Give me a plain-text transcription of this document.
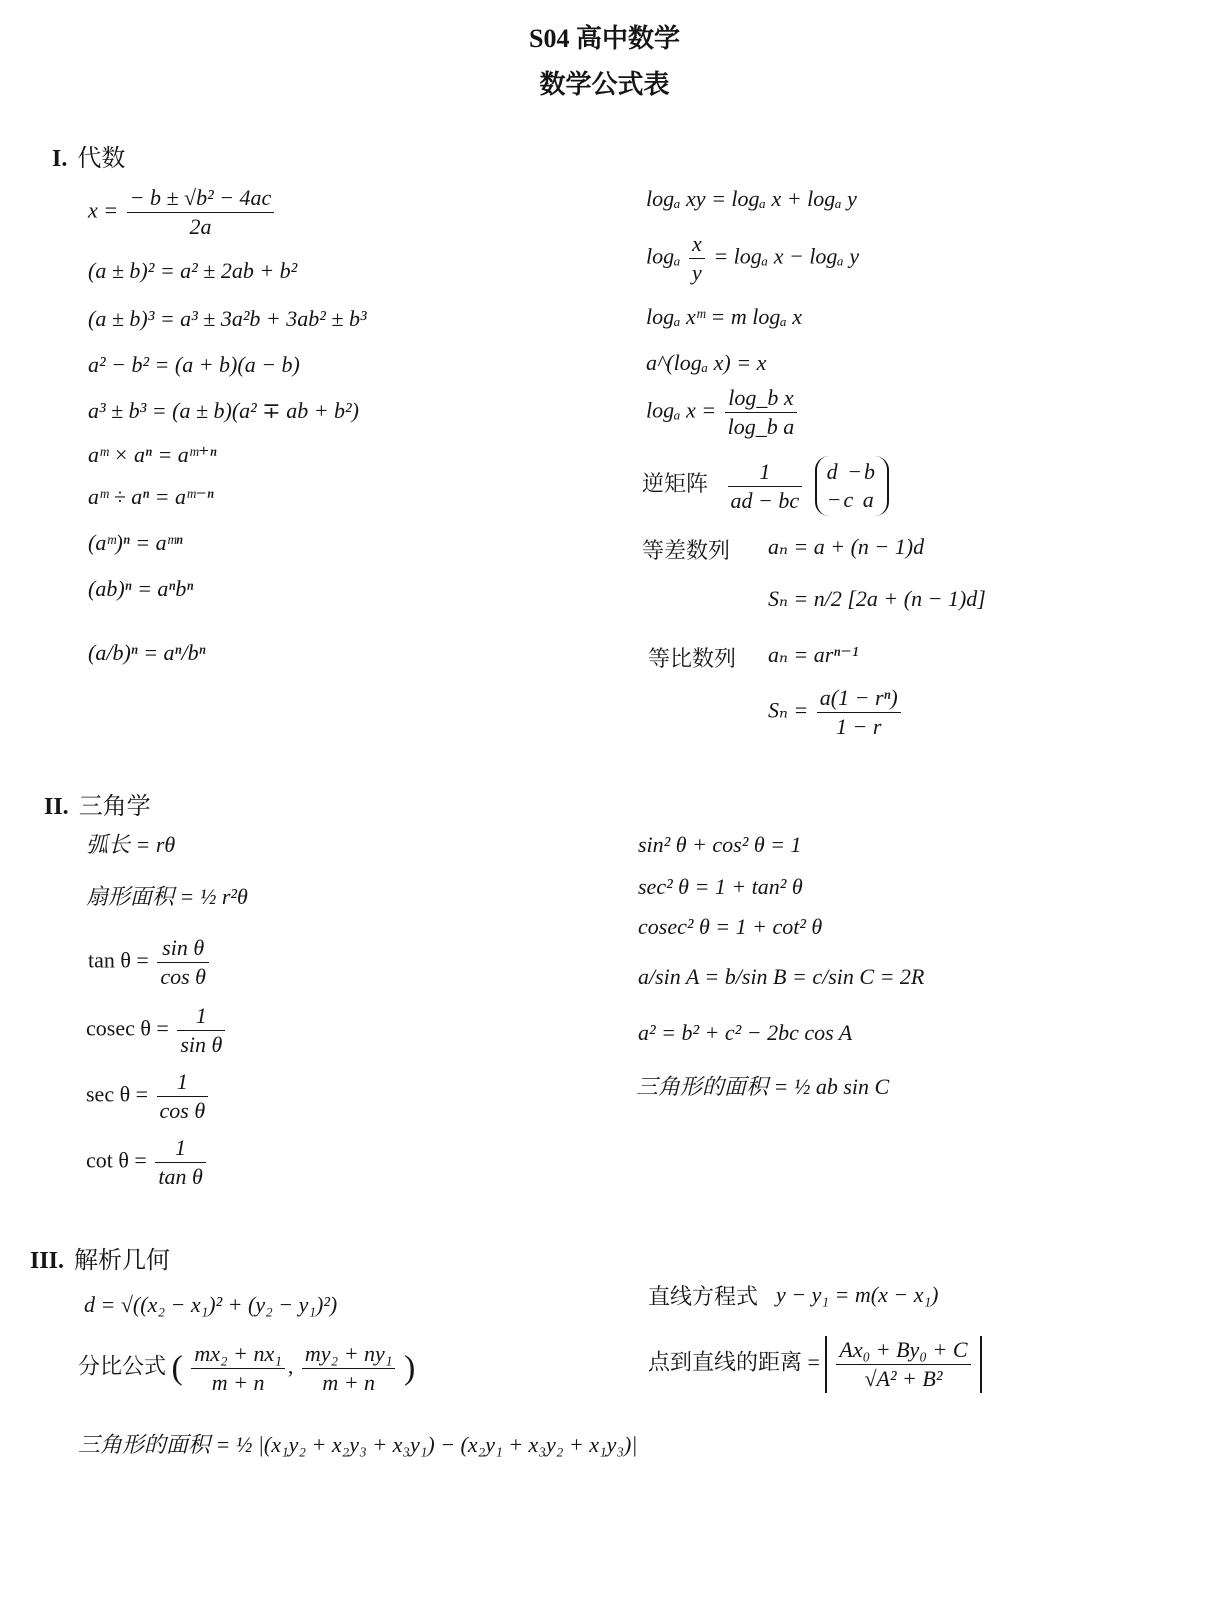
S04 高中数学
数学公式表
I. 代数
$x = \frac{\text{− b ± √b² − 4ac}}{2a}$
(a ± b)² = a² ± 2ab + b²
(a ± b)³ = a³ ± 3a²b + 3ab² ± b³
a² − b² = (a + b)(a − b)
a³ ± b³ = (a ± b)(a² ∓ ab + b²)
aᵐ × aⁿ = aᵐ⁺ⁿ
aᵐ ÷ aⁿ = aᵐ⁻ⁿ
(aᵐ)ⁿ = aᵐⁿ
(ab)ⁿ = aⁿbⁿ
(a/b)ⁿ = aⁿ/bⁿ
logₐ xy = logₐ x + logₐ y
logₐ $\frac{x}{y} = \log_a$ x − logₐ y
logₐ xᵐ = m logₐ x
a^(logₐ x) = x
logₐ $x = \frac{\text{log\_b x}}{\text{log\_b a}}$
逆矩阵 $\frac{1}{ad - bc}$
d −b
−c a
等差数列 aₙ = a + (n − 1)d
Sₙ = n/2 [2a + (n − 1)d]
等比数列 aₙ = arⁿ⁻¹
$S_n = \frac{\text{a(1 − rⁿ)}}{1 - r}$
II. 三角学
弧长 = rθ
扇形面积 = ½ r²θ
$\tan \theta = \frac{\text{sin θ}}{\text{cos θ}}$
cosec $\theta = \frac{1}{\text{sin θ}}$
$\sec \theta = \frac{1}{\text{cos θ}}$
$\cot \theta = \frac{1}{\text{tan θ}}$
sin² θ + cos² θ = 1
sec² θ = 1 + tan² θ
cosec² θ = 1 + cot² θ
a/sin A = b/sin B = c/sin C = 2R
a² = b² + c² − 2bc cos A
三角形的面积 = ½ ab sin C
III. 解析几何
d = √((x₂ − x₁)² + (y₂ − y₁)²)
分比公式 ( $\frac{\text{mx₂ + nx₁}}{m + n}$ , $\frac{\text{my₂ + ny₁}}{m + n}$ )
直线方程式 y − y₁ = m(x − x₁)
点到直线的距离 = $\frac{\text{Ax₀ + By₀ + C}}{\text{√A² + B²}}$
三角形的面积 = ½ |(x₁y₂ + x₂y₃ + x₃y₁) − (x₂y₁ + x₃y₂ + x₁y₃)|
